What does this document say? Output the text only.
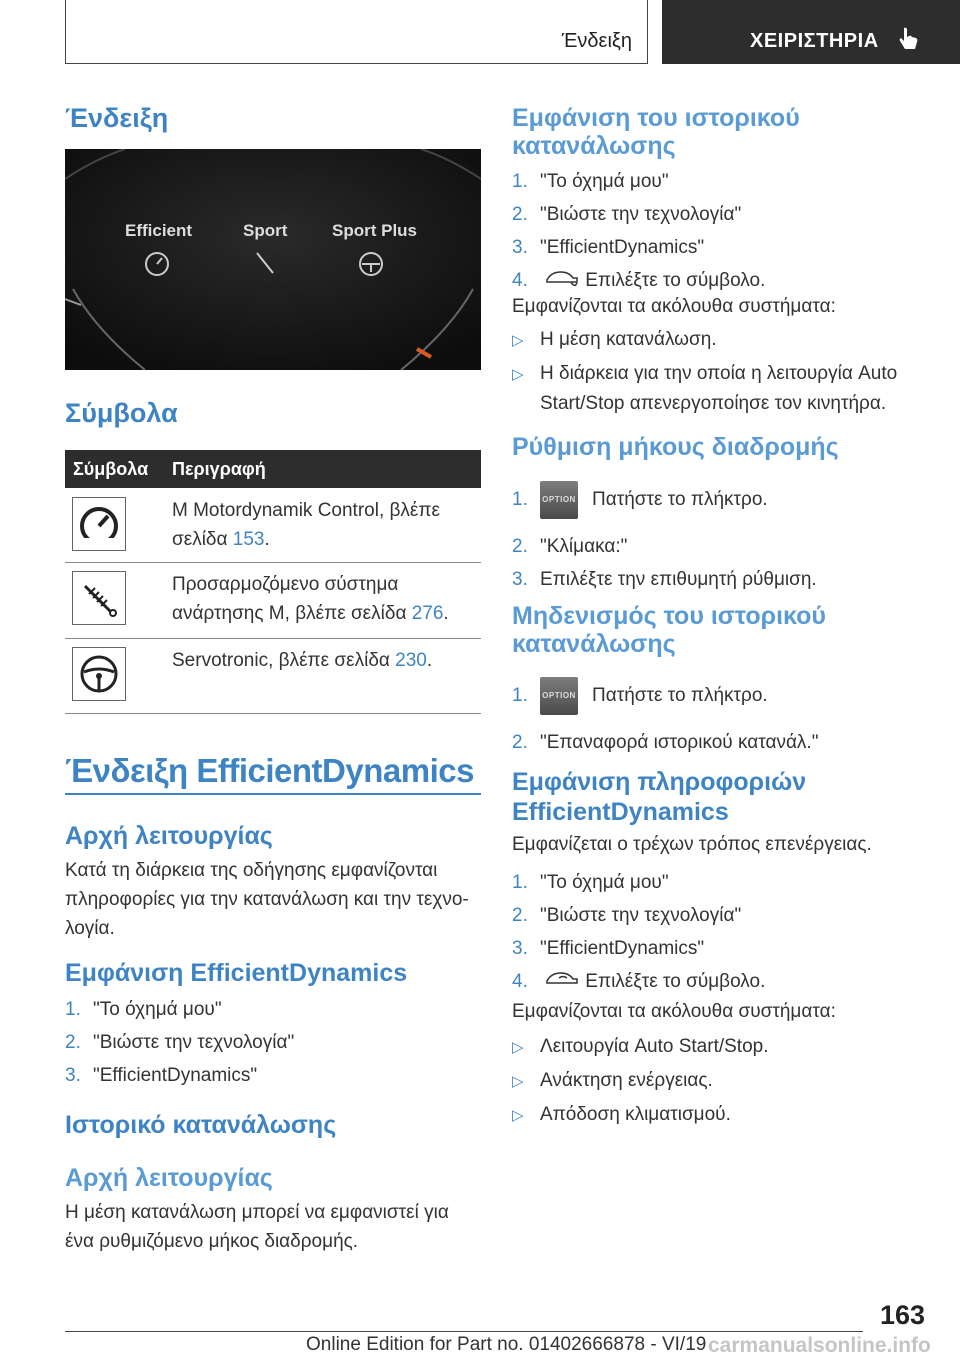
Ένδειξη	ΧΕΙΡΙΣΤΗΡΙΑ
Ένδειξη
Efficient	Sport	Sport Plus
Σύμβολα
Σύμβολα Περιγραφή
M Motordynamik Control, βλέπε σελίδα 153.
Προσαρμοζόμενο σύστημα ανάρτησης M, βλέπε σελίδα 276.
Servotronic, βλέπε σελίδα 230.
Ένδειξη EfficientDynamics
Αρχή λειτουργίας
Κατά τη διάρκεια της οδήγησης εμφανίζονται
πληροφορίες για την κατανάλωση και την τεχνο-
λογία.
Εμφάνιση EfficientDynamics
1. "Το όχημά μου"
2. "Βιώστε την τεχνολογία"
3. "EfficientDynamics"
Ιστορικό κατανάλωσης
Αρχή λειτουργίας
Η μέση κατανάλωση μπορεί να εμφανιστεί για
ένα ρυθμιζόμενο μήκος διαδρομής.
Εμφάνιση του ιστορικού
κατανάλωσης
1. "Το όχημά μου"
2. "Βιώστε την τεχνολογία"
3. "EfficientDynamics"
4.	Επιλέξτε το σύμβολο.
Εμφανίζονται τα ακόλουθα συστήματα:
▷ Η μέση κατανάλωση.
▷ Η διάρκεια για την οποία η λειτουργία Auto
Start/Stop απενεργοποίησε τον κινητήρα.
Ρύθμιση μήκους διαδρομής
1. OPTION Πατήστε το πλήκτρο.
2. "Κλίμακα:"
3. Επιλέξτε την επιθυμητή ρύθμιση.
Μηδενισμός του ιστορικού
κατανάλωσης
1. OPTION Πατήστε το πλήκτρο.
2. "Επαναφορά ιστορικού κατανάλ."
Εμφάνιση πληροφοριών
EfficientDynamics
Εμφανίζεται ο τρέχων τρόπος επενέργειας.
1. "Το όχημά μου"
2. "Βιώστε την τεχνολογία"
3. "EfficientDynamics"
4.	Επιλέξτε το σύμβολο.
Εμφανίζονται τα ακόλουθα συστήματα:
▷ Λειτουργία Auto Start/Stop.
▷ Ανάκτηση ενέργειας.
▷ Απόδοση κλιματισμού.
163
Online Edition for Part no. 01402666878 - VI/19 carmanualsonline.info
